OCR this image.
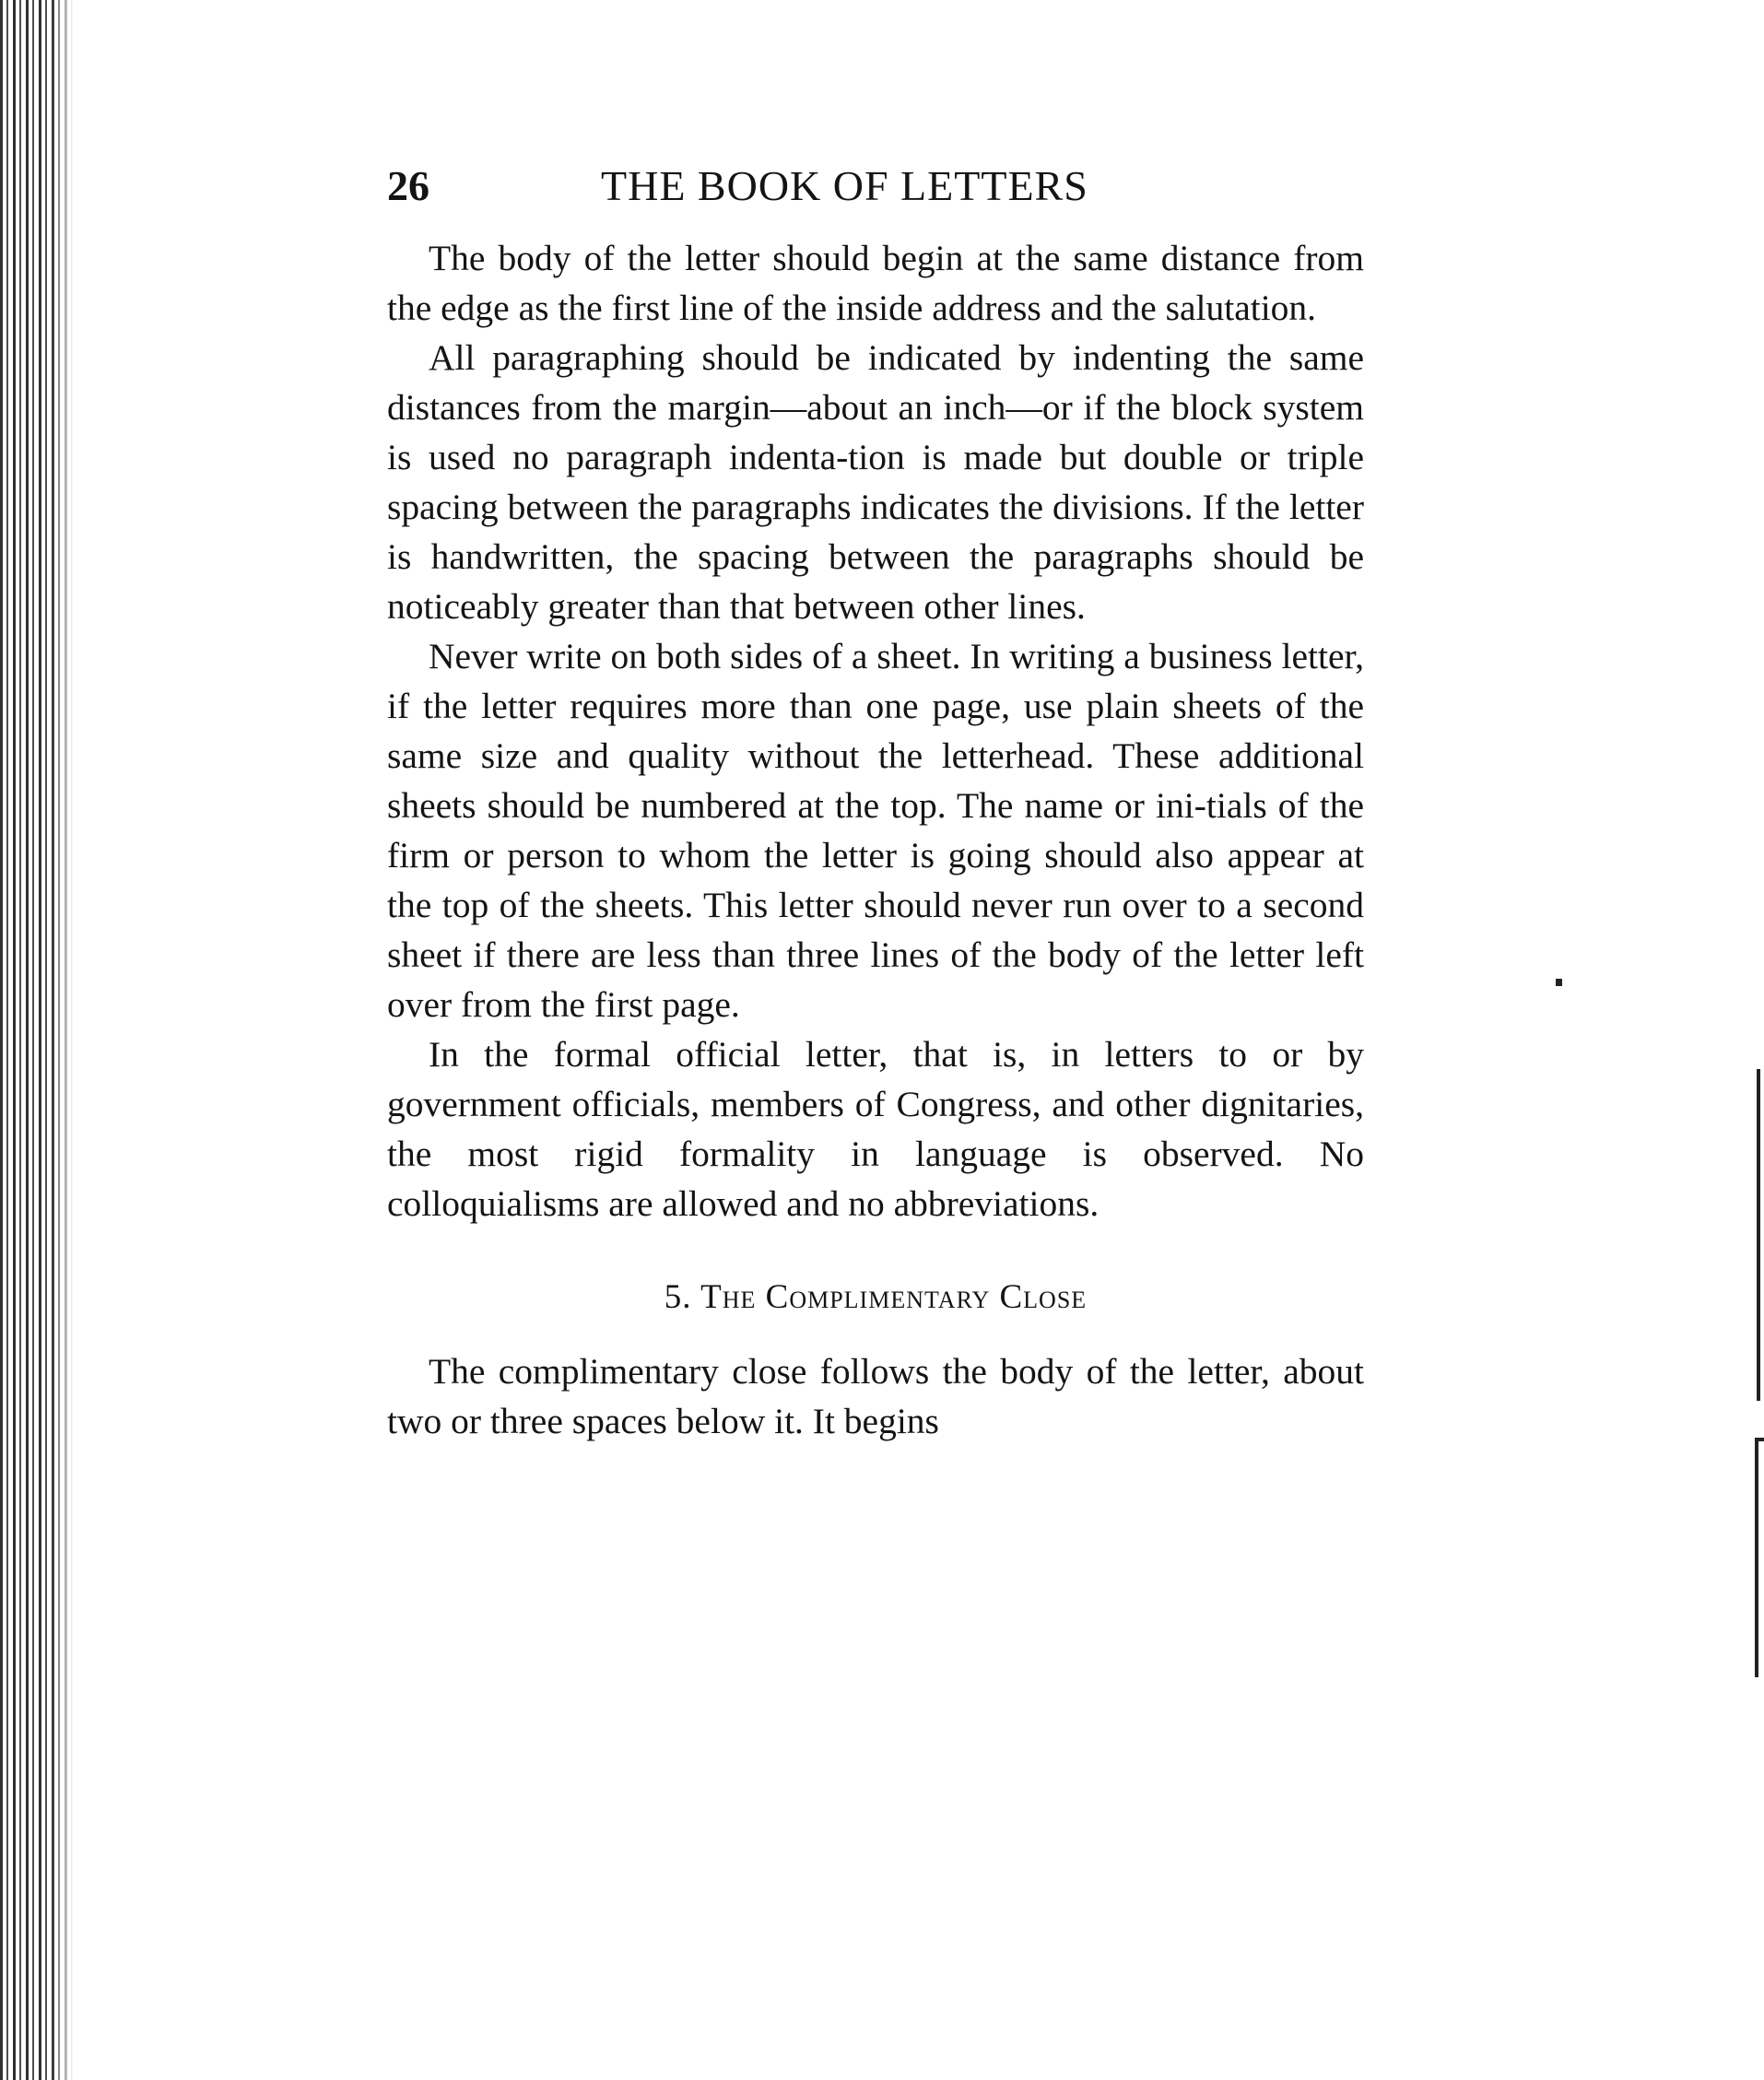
26	THE BOOK OF LETTERS

The body of the letter should begin at the same distance from the edge as the first line of the inside address and the salutation.

All paragraphing should be indicated by indenting the same distances from the margin—about an inch—or if the block system is used no paragraph indenta-tion is made but double or triple spacing between the paragraphs indicates the divisions. If the letter is handwritten, the spacing between the paragraphs should be noticeably greater than that between other lines.

Never write on both sides of a sheet. In writing a business letter, if the letter requires more than one page, use plain sheets of the same size and quality without the letterhead. These additional sheets should be numbered at the top. The name or ini-tials of the firm or person to whom the letter is going should also appear at the top of the sheets. This letter should never run over to a second sheet if there are less than three lines of the body of the letter left over from the first page.

In the formal official letter, that is, in letters to or by government officials, members of Congress, and other dignitaries, the most rigid formality in language is observed. No colloquialisms are allowed and no abbreviations.

5. The Complimentary Close

The complimentary close follows the body of the letter, about two or three spaces below it. It begins
